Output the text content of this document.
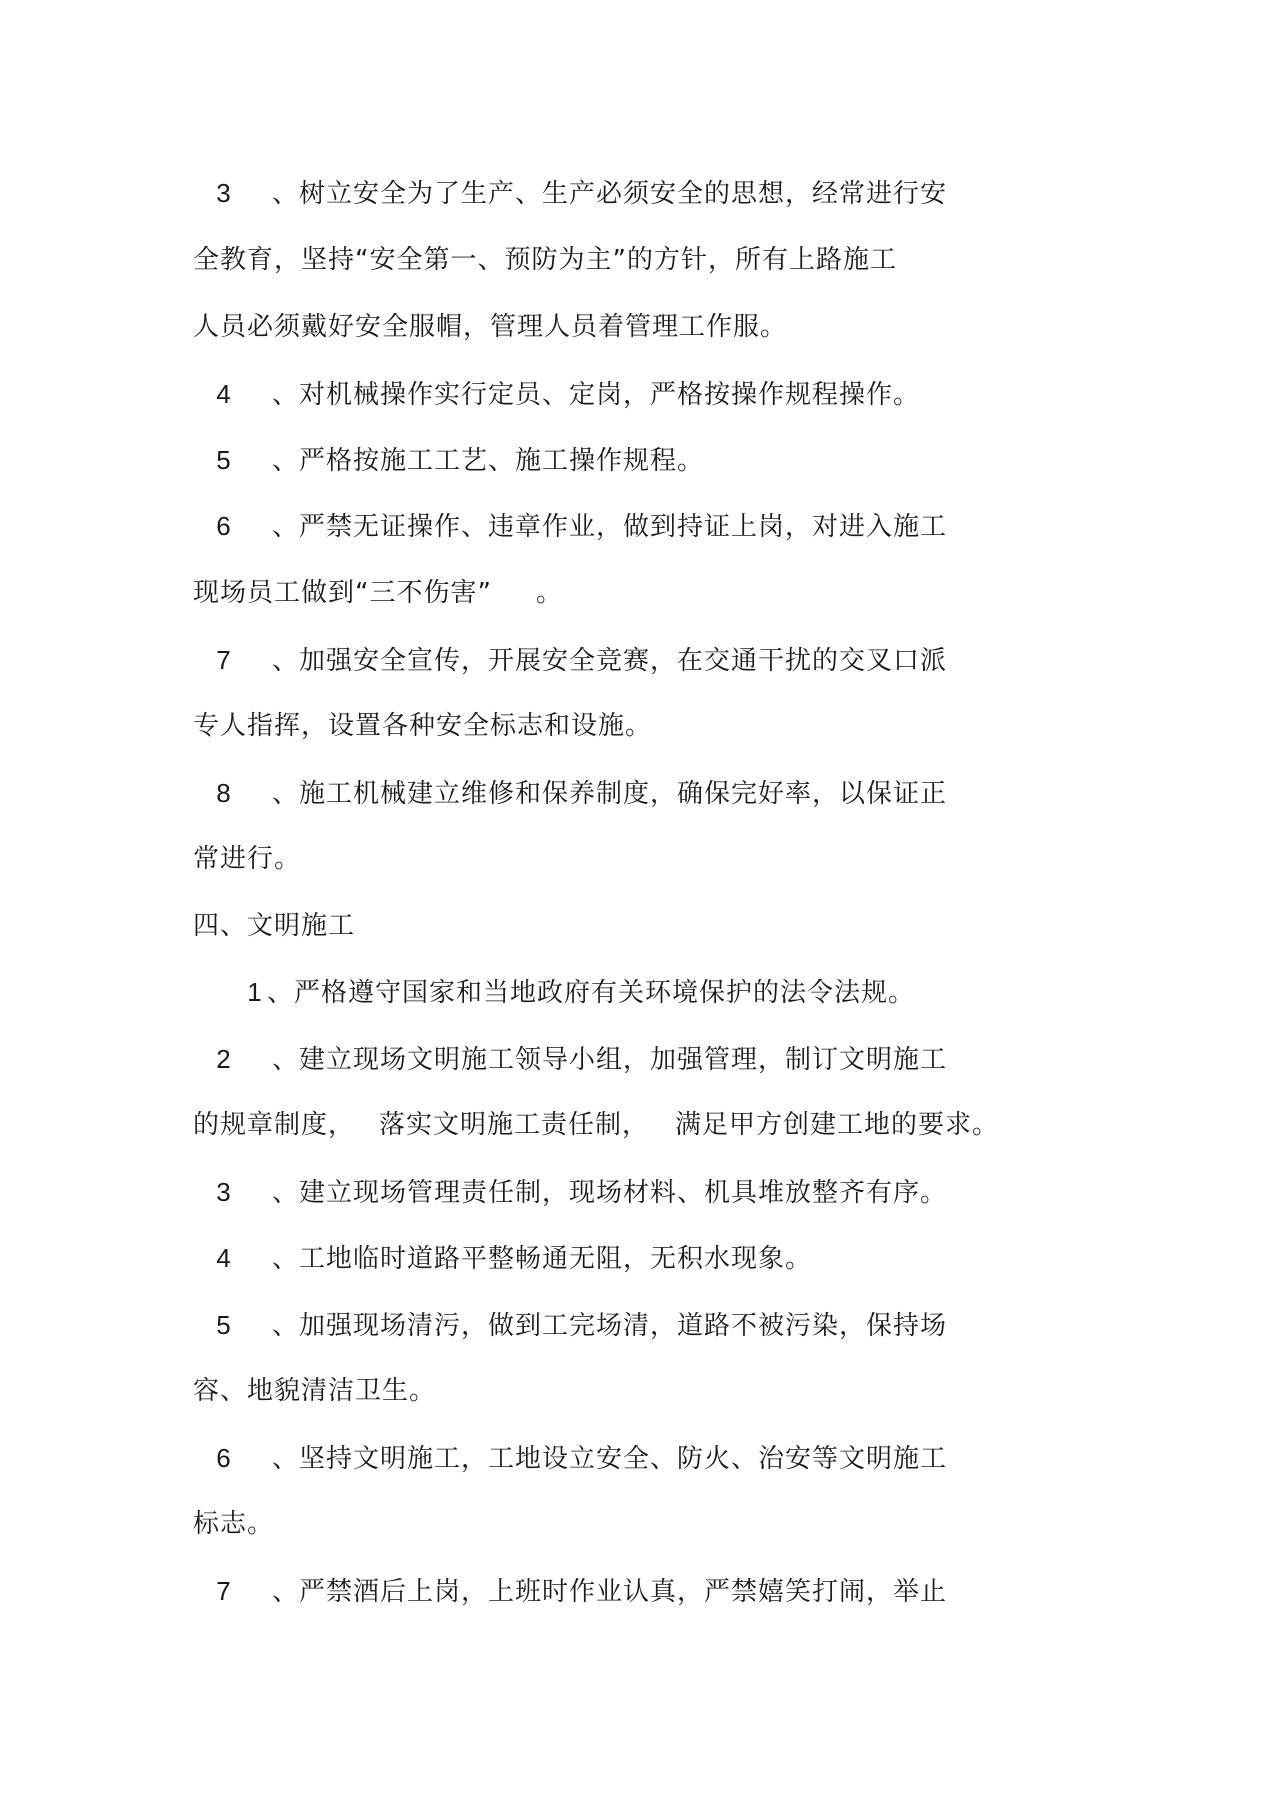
3 、树立安全为了生产、生产必须安全的思想，经常进行安
全教育，坚持“安全第一、预防为主”的方针，所有上路施工
人员必须戴好安全服帽，管理人员着管理工作服。
4 、对机械操作实行定员、定岗，严格按操作规程操作。
5 、严格按施工工艺、施工操作规程。
6 、严禁无证操作、违章作业，做到持证上岗，对进入施工
现场员工做到“三不伤害” 。
7 、加强安全宣传，开展安全竞赛，在交通干扰的交叉口派
专人指挥，设置各种安全标志和设施。
8 、施工机械建立维修和保养制度，确保完好率，以保证正
常进行。
四、文明施工
1 、严格遵守国家和当地政府有关环境保护的法令法规。
2 、建立现场文明施工领导小组，加强管理，制订文明施工
的规章制度， 落实文明施工责任制， 满足甲方创建工地的要求。
3 、建立现场管理责任制，现场材料、机具堆放整齐有序。
4 、工地临时道路平整畅通无阻，无积水现象。
5 、加强现场清污，做到工完场清，道路不被污染，保持场
容、地貌清洁卫生。
6 、坚持文明施工，工地设立安全、防火、治安等文明施工
标志。
7 、严禁酒后上岗，上班时作业认真，严禁嬉笑打闹，举止
